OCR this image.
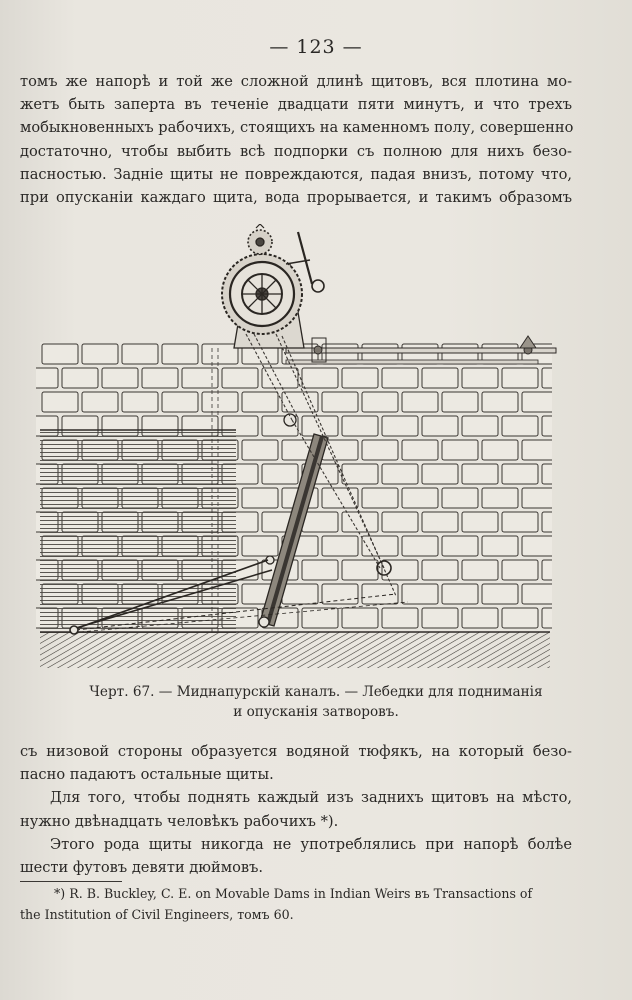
— 123 —
томъ же напорѣ и той же сложной длинѣ щитовъ, вся плотина мо-
жетъ быть заперта въ теченіе двадцати пяти минутъ, и что трехъ
мобыкновенныхъ рабочихъ, стоящихъ на каменномъ полу, совершенно
достаточно, чтобы выбить всѣ подпорки съ полною для нихъ безо-
пасностью. Задніе щиты не повреждаются, падая внизъ, потому что,
при опусканіи каждаго щита, вода прорывается, и такимъ образомъ
Черт. 67. — Миднапурскій каналъ. — Лебедки для подниманія
и опусканія затворовъ.
съ низовой стороны образуется водяной тюфякъ, на который безо-
пасно падаютъ остальные щиты.
Для того, чтобы поднять каждый изъ заднихъ щитовъ на мѣсто,
нужно двѣнадцать человѣкъ рабочихъ *).
Этого рода щиты никогда не употреблялись при напорѣ болѣе
шести футовъ девяти дюймовъ.
*) R. B. Buckley, C. E. on Movable Dams in Indian Weirs въ Transactions of
the Institution of Civil Engineers, томъ 60.
